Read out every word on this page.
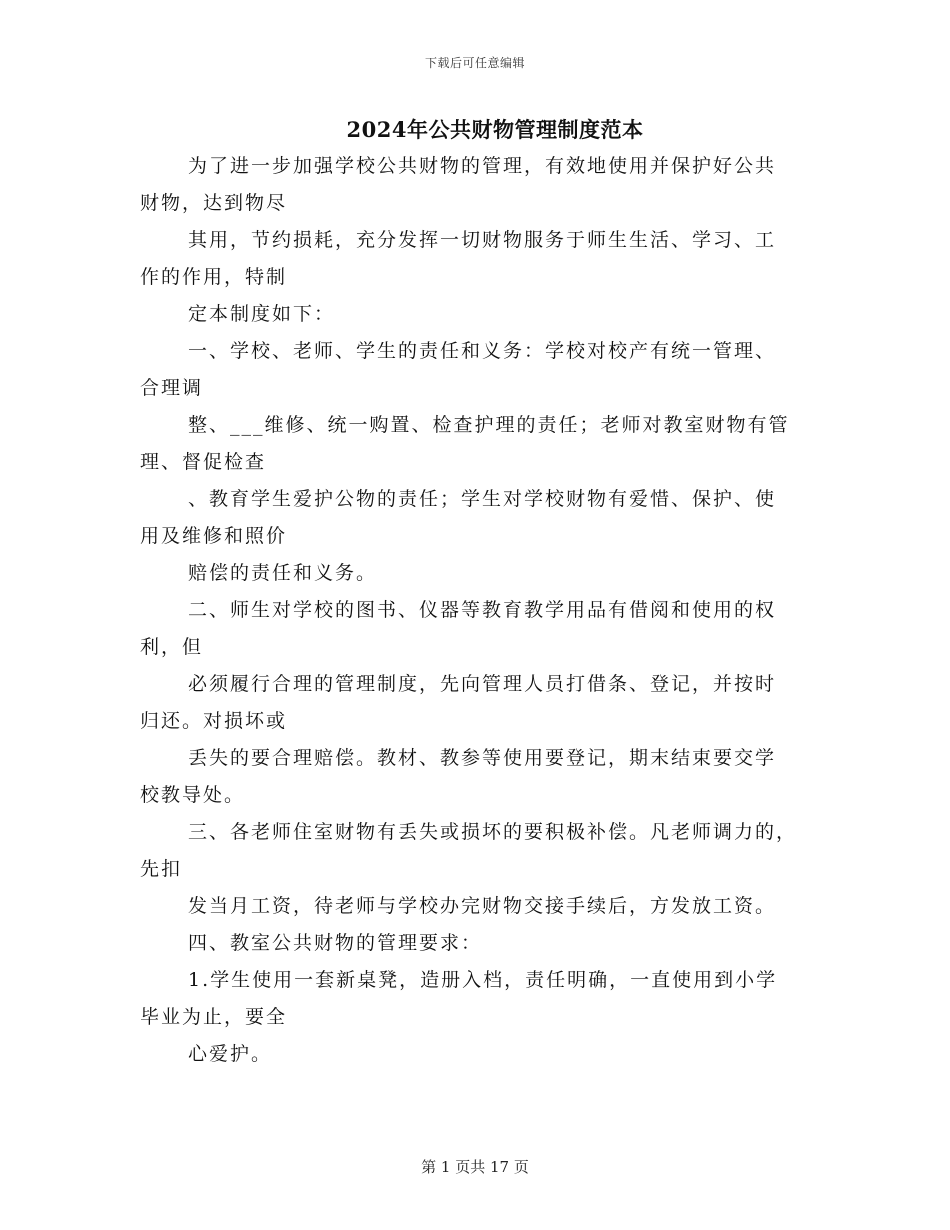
下载后可任意编辑
2024年公共财物管理制度范本

为了进一步加强学校公共财物的管理，有效地使用并保护好公共
财物，达到物尽

其用，节约损耗，充分发挥一切财物服务于师生生活、学习、工
作的作用，特制

定本制度如下：

一、学校、老师、学生的责任和义务：学校对校产有统一管理、
合理调

整、___维修、统一购置、检查护理的责任；老师对教室财物有管
理、督促检查

、教育学生爱护公物的责任；学生对学校财物有爱惜、保护、使
用及维修和照价

赔偿的责任和义务。

二、师生对学校的图书、仪器等教育教学用品有借阅和使用的权
利，但

必须履行合理的管理制度，先向管理人员打借条、登记，并按时
归还。对损坏或

丢失的要合理赔偿。教材、教参等使用要登记，期末结束要交学
校教导处。

三、各老师住室财物有丢失或损坏的要积极补偿。凡老师调力的，
先扣

发当月工资，待老师与学校办完财物交接手续后，方发放工资。

四、教室公共财物的管理要求：

1.学生使用一套新桌凳，造册入档，责任明确，一直使用到小学
毕业为止，要全

心爱护。

第 1 页共 17 页
